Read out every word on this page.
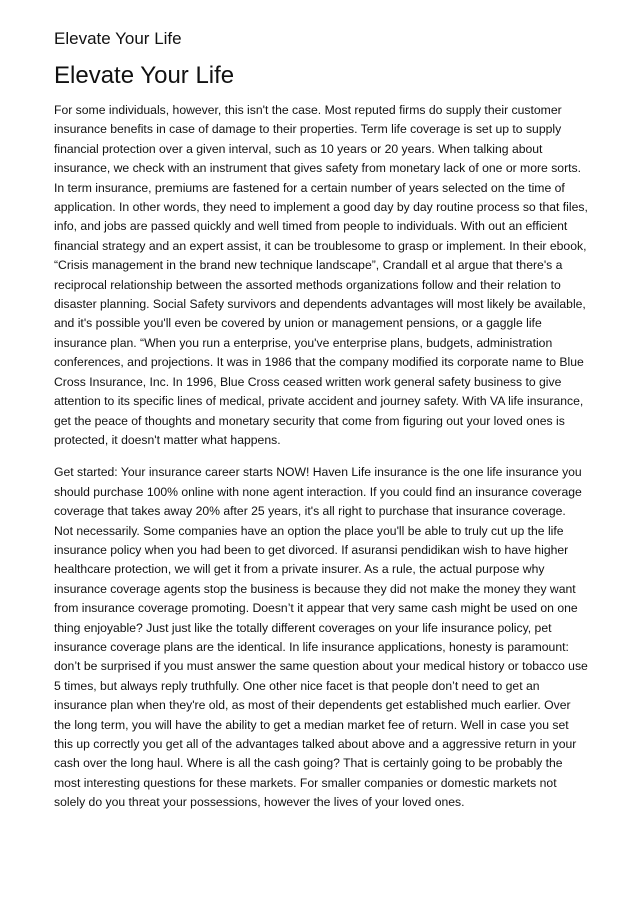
Elevate Your Life
Elevate Your Life

For some individuals, however, this isn't the case. Most reputed firms do supply their customer insurance benefits in case of damage to their properties. Term life coverage is set up to supply financial protection over a given interval, such as 10 years or 20 years. When talking about insurance, we check with an instrument that gives safety from monetary lack of one or more sorts. In term insurance, premiums are fastened for a certain number of years selected on the time of application. In other words, they need to implement a good day by day routine process so that files, info, and jobs are passed quickly and well timed from people to individuals. With out an efficient financial strategy and an expert assist, it can be troublesome to grasp or implement. In their ebook, “Crisis management in the brand new technique landscape”, Crandall et al argue that there's a reciprocal relationship between the assorted methods organizations follow and their relation to disaster planning. Social Safety survivors and dependents advantages will most likely be available, and it's possible you'll even be covered by union or management pensions, or a gaggle life insurance plan. “When you run a enterprise, you've enterprise plans, budgets, administration conferences, and projections. It was in 1986 that the company modified its corporate name to Blue Cross Insurance, Inc. In 1996, Blue Cross ceased written work general safety business to give attention to its specific lines of medical, private accident and journey safety. With VA life insurance, get the peace of thoughts and monetary security that come from figuring out your loved ones is protected, it doesn't matter what happens.

Get started: Your insurance career starts NOW! Haven Life insurance is the one life insurance you should purchase 100% online with none agent interaction. If you could find an insurance coverage coverage that takes away 20% after 25 years, it's all right to purchase that insurance coverage. Not necessarily. Some companies have an option the place you'll be able to truly cut up the life insurance policy when you had been to get divorced. If asuransi pendidikan wish to have higher healthcare protection, we will get it from a private insurer. As a rule, the actual purpose why insurance coverage agents stop the business is because they did not make the money they want from insurance coverage promoting. Doesn’t it appear that very same cash might be used on one thing enjoyable? Just just like the totally different coverages on your life insurance policy, pet insurance coverage plans are the identical. In life insurance applications, honesty is paramount: don’t be surprised if you must answer the same question about your medical history or tobacco use 5 times, but always reply truthfully. One other nice facet is that people don’t need to get an insurance plan when they're old, as most of their dependents get established much earlier. Over the long term, you will have the ability to get a median market fee of return. Well in case you set this up correctly you get all of the advantages talked about above and a aggressive return in your cash over the long haul. Where is all the cash going? That is certainly going to be probably the most interesting questions for these markets. For smaller companies or domestic markets not solely do you threat your possessions, however the lives of your loved ones.
